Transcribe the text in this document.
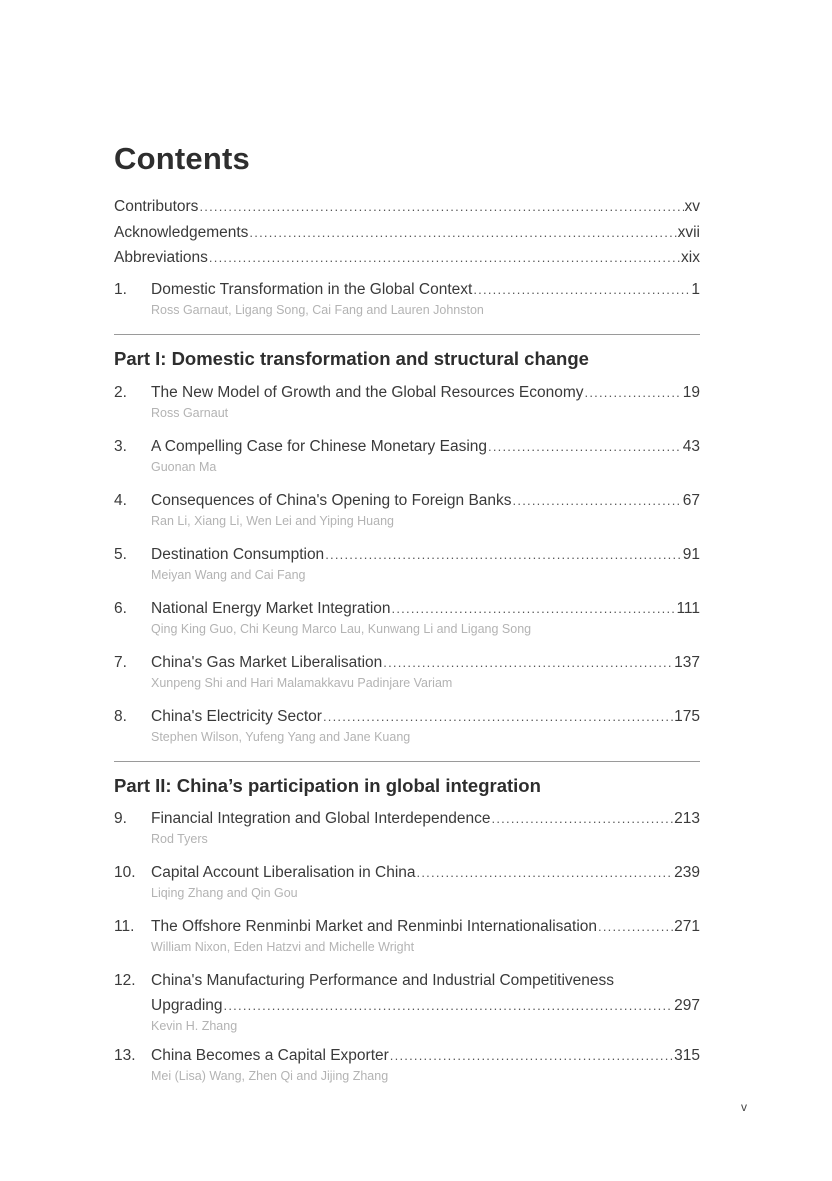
Contents
Contributors . . .	xv
Acknowledgements . . .	xvii
Abbreviations . . .	xix
1. Domestic Transformation in the Global Context . . .	1
Ross Garnaut, Ligang Song, Cai Fang and Lauren Johnston
Part I: Domestic transformation and structural change
2. The New Model of Growth and the Global Resources Economy . . .	19
Ross Garnaut
3. A Compelling Case for Chinese Monetary Easing . . .	43
Guonan Ma
4. Consequences of China's Opening to Foreign Banks . . .	67
Ran Li, Xiang Li, Wen Lei and Yiping Huang
5. Destination Consumption . . .	91
Meiyan Wang and Cai Fang
6. National Energy Market Integration . . .	111
Qing King Guo, Chi Keung Marco Lau, Kunwang Li and Ligang Song
7. China's Gas Market Liberalisation . . .	137
Xunpeng Shi and Hari Malamakkavu Padinjare Variam
8. China's Electricity Sector . . .	175
Stephen Wilson, Yufeng Yang and Jane Kuang
Part II: China’s participation in global integration
9. Financial Integration and Global Interdependence . . .	213
Rod Tyers
10. Capital Account Liberalisation in China . . .	239
Liqing Zhang and Qin Gou
11. The Offshore Renminbi Market and Renminbi Internationalisation . . .	271
William Nixon, Eden Hatzvi and Michelle Wright
12. China's Manufacturing Performance and Industrial Competitiveness
Upgrading . . .	297
Kevin H. Zhang
13. China Becomes a Capital Exporter . . .	315
Mei (Lisa) Wang, Zhen Qi and Jijing Zhang
v
